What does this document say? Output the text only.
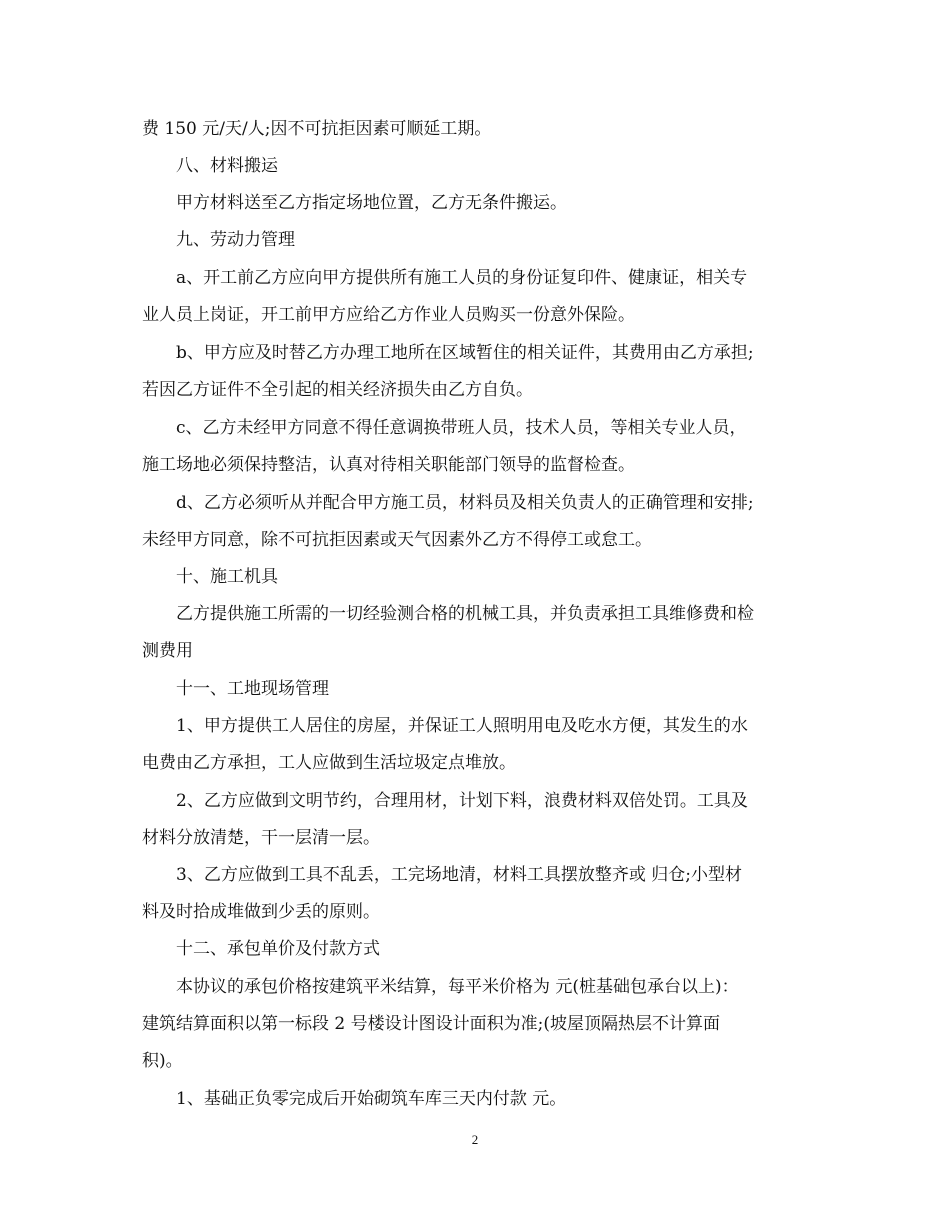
费 150 元/天/人;因不可抗拒因素可顺延工期。
八、材料搬运
甲方材料送至乙方指定场地位置，乙方无条件搬运。
九、劳动力管理
a、开工前乙方应向甲方提供所有施工人员的身份证复印件、健康证，相关专
业人员上岗证，开工前甲方应给乙方作业人员购买一份意外保险。
b、甲方应及时替乙方办理工地所在区域暂住的相关证件，其费用由乙方承担;
若因乙方证件不全引起的相关经济损失由乙方自负。
c、乙方未经甲方同意不得任意调换带班人员，技术人员，等相关专业人员，
施工场地必须保持整洁，认真对待相关职能部门领导的监督检查。
d、乙方必须听从并配合甲方施工员，材料员及相关负责人的正确管理和安排;
未经甲方同意，除不可抗拒因素或天气因素外乙方不得停工或怠工。
十、施工机具
乙方提供施工所需的一切经验测合格的机械工具，并负责承担工具维修费和检
测费用
十一、工地现场管理
1、甲方提供工人居住的房屋，并保证工人照明用电及吃水方便，其发生的水
电费由乙方承担，工人应做到生活垃圾定点堆放。
2、乙方应做到文明节约，合理用材，计划下料，浪费材料双倍处罚。工具及
材料分放清楚，干一层清一层。
3、乙方应做到工具不乱丢，工完场地清，材料工具摆放整齐或 归仓;小型材
料及时拾成堆做到少丢的原则。
十二、承包单价及付款方式
本协议的承包价格按建筑平米结算，每平米价格为 元(桩基础包承台以上)：
建筑结算面积以第一标段 2 号楼设计图设计面积为准;(坡屋顶隔热层不计算面
积)。
1、基础正负零完成后开始砌筑车库三天内付款 元。
2
